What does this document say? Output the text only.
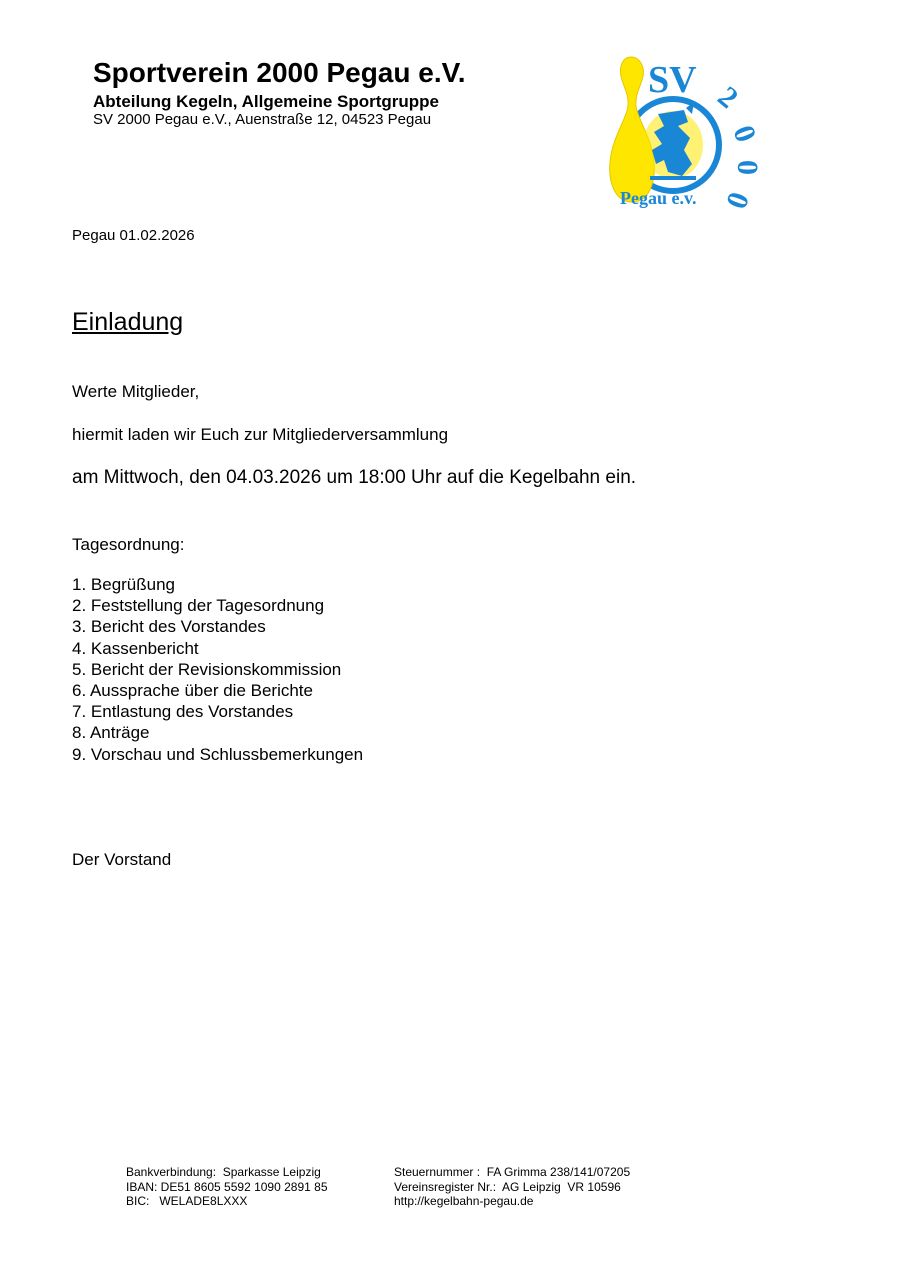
Sportverein 2000 Pegau e.V.
Abteilung Kegeln, Allgemeine Sportgruppe
SV 2000 Pegau e.V., Auenstraße 12, 04523 Pegau
SV 2
0
0
0
Pegau e.v.
Pegau 01.02.2026
Einladung
Werte Mitglieder,
hiermit laden wir Euch zur Mitgliederversammlung
am Mittwoch, den 04.03.2026 um 18:00 Uhr auf die Kegelbahn ein.
Tagesordnung:
1. Begrüßung
2. Feststellung der Tagesordnung
3. Bericht des Vorstandes
4. Kassenbericht
5. Bericht der Revisionskommission
6. Aussprache über die Berichte
7. Entlastung des Vorstandes
8. Anträge
9. Vorschau und Schlussbemerkungen
Der Vorstand
Bankverbindung:  Sparkasse Leipzig
IBAN: DE51 8605 5592 1090 2891 85
BIC:   WELADE8LXXX
Steuernummer :  FA Grimma 238/141/07205
Vereinsregister Nr.:  AG Leipzig  VR 10596
http://kegelbahn-pegau.de
